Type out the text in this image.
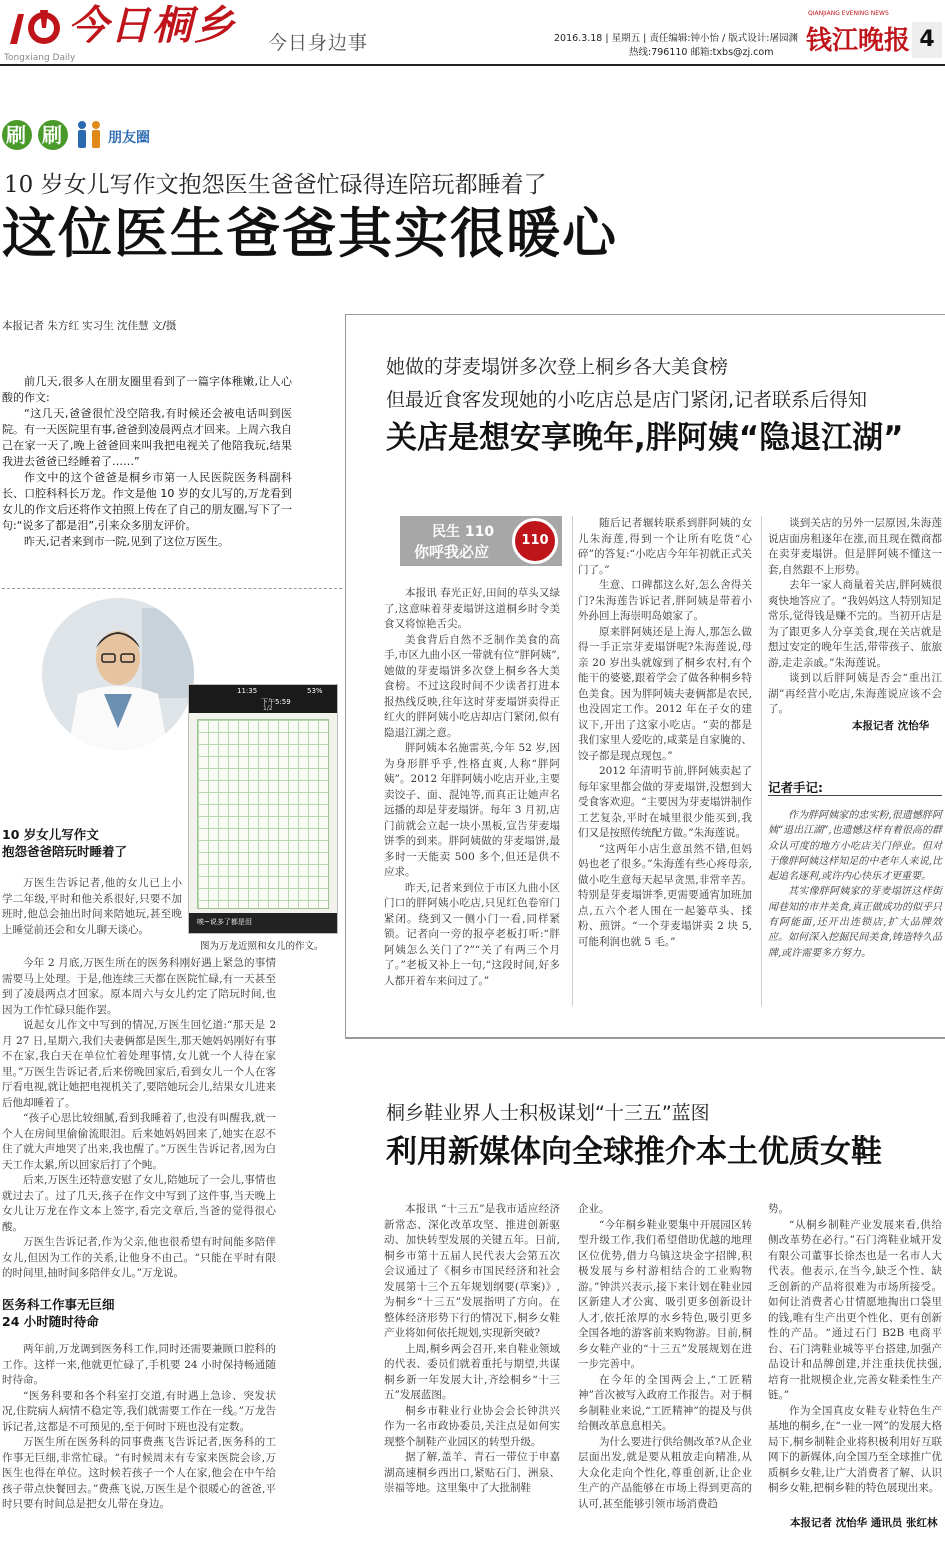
今日桐乡
Tongxiang Daily
今日身边事	2016.3.18 | 星期五 | 责任编辑:钟小怡 / 版式设计:屠园渊
热线:796110 邮箱:txbs@zj.com 钱江晚报
QIANJIANG EVENING NEWS
4
刷 刷	朋友圈
10 岁女儿写作文抱怨医生爸爸忙碌得连陪玩都睡着了
这位医生爸爸其实很暖心
本报记者 朱方红 实习生 沈佳慧 文/摄

前几天,很多人在朋友圈里看到了一篇字体稚嫩,让人心酸的作文:

“这几天,爸爸很忙没空陪我,有时候还会被电话叫到医院。有一天医院里有事,爸爸到凌晨两点才回来。上周六我自己在家一天了,晚上爸爸回来叫我把电视关了他陪我玩,结果我进去爸爸已经睡着了……”

作文中的这个爸爸是桐乡市第一人民医院医务科副科长、口腔科科长万龙。作文是他 10 岁的女儿写的,万龙看到女儿的作文后还将作文拍照上传在了自己的朋友圈,写下了一句:“说多了都是泪”,引来众多朋友评价。

昨天,记者来到市一院,见到了这位万医生。

11:35	53%
下午5:59
1/2
唉~说多了都是泪
图为万龙近照和女儿的作文。
10 岁女儿写作文
抱怨爸爸陪玩时睡着了

万医生告诉记者,他的女儿已上小学二年级,平时和他关系很好,只要不加班时,他总会抽出时间来陪她玩,甚至晚上睡觉前还会和女儿聊天谈心。

今年 2 月底,万医生所在的医务科刚好遇上紧急的事情需要马上处理。于是,他连续三天都在医院忙碌,有一天甚至到了凌晨两点才回家。原本周六与女儿约定了陪玩时间,也因为工作忙碌只能作罢。

说起女儿作文中写到的情况,万医生回忆道:“那天是 2 月 27 日,星期六,我们夫妻俩都是医生,那天她妈妈刚好有事不在家,我白天在单位忙着处理事情,女儿就一个人待在家里。”万医生告诉记者,后来傍晚回家后,看到女儿一个人在客厅看电视,就让她把电视机关了,要陪她玩会儿,结果女儿进来后他却睡着了。

“孩子心思比较细腻,看到我睡着了,也没有叫醒我,就一个人在房间里偷偷流眼泪。后来她妈妈回来了,她实在忍不住了就大声地哭了出来,我也醒了。”万医生告诉记者,因为白天工作太累,所以回家后打了个盹。

后来,万医生还特意安慰了女儿,陪她玩了一会儿,事情也就过去了。过了几天,孩子在作文中写到了这件事,当天晚上女儿让万龙在作文本上签字,看完文章后,当爸的觉得很心酸。

万医生告诉记者,作为父亲,他也很希望有时间能多陪伴女儿,但因为工作的关系,让他身不由己。“只能在平时有限的时间里,抽时间多陪伴女儿。”万龙说。

医务科工作事无巨细
24 小时随时待命

两年前,万龙调到医务科工作,同时还需要兼顾口腔科的工作。这样一来,他就更忙碌了,手机要 24 小时保持畅通随时待命。

“医务科要和各个科室打交道,有时遇上急诊、突发状况,住院病人病情不稳定等,我们就需要工作在一线。”万龙告诉记者,这都是不可预见的,至于何时下班也没有定数。

万医生所在医务科的同事费燕飞告诉记者,医务科的工作事无巨细,非常忙碌。“有时候周末有专家来医院会诊,万医生也得在单位。这时候若孩子一个人在家,他会在中午给孩子带点快餐回去。”费燕飞说,万医生是个很暖心的爸爸,平时只要有时间总是把女儿带在身边。

她做的芽麦塌饼多次登上桐乡各大美食榜
但最近食客发现她的小吃店总是店门紧闭,记者联系后得知
关店是想安享晚年,胖阿姨“隐退江湖”
民生 110
你呼我必应
110

本报讯 春光正好,田间的草头又绿了,这意味着芽麦塌饼这道桐乡时令美食又将惊艳舌尖。

美食背后自然不乏制作美食的高手,市区九曲小区一带就有位“胖阿姨”,她做的芽麦塌饼多次登上桐乡各大美食榜。不过这段时间不少读者打进本报热线反映,往年这时芽麦塌饼卖得正红火的胖阿姨小吃店却店门紧闭,似有隐退江湖之意。

胖阿姨本名施雷英,今年 52 岁,因为身形胖乎乎,性格直爽,人称“胖阿姨”。2012 年胖阿姨小吃店开业,主要卖饺子、面、混饨等,而真正让她声名远播的却是芽麦塌饼。每年 3 月初,店门前就会立起一块小黑板,宣告芽麦塌饼季的到来。胖阿姨做的芽麦塌饼,最多时一天能卖 500 多个,但还是供不应求。

昨天,记者来到位于市区九曲小区门口的胖阿姨小吃店,只见红色卷帘门紧闭。绕到又一侧小门一看,同样紧锁。记者向一旁的报亭老板打听:“胖阿姨怎么关门了?”“关了有两三个月了。”老板又补上一句,“这段时间,好多人都开着车来问过了。”

随后记者辗转联系到胖阿姨的女儿朱海莲,得到一个让所有吃货“心碎”的答复:“小吃店今年年初就正式关门了。”

生意、口碑都这么好,怎么舍得关门?朱海莲告诉记者,胖阿姨是带着小外孙回上海崇明岛娘家了。

原来胖阿姨还是上海人,那怎么做得一手正宗芽麦塌饼呢?朱海莲说,母亲 20 岁出头就嫁到了桐乡农村,有个能干的婆婆,跟着学会了做各种桐乡特色美食。因为胖阿姨夫妻俩都是农民,也没固定工作。2012 年在子女的建议下,开出了这家小吃店。“卖的都是我们家里人爱吃的,咸菜是自家腌的、饺子都是现点现包。”

2012 年清明节前,胖阿姨卖起了每年家里都会做的芽麦塌饼,没想到大受食客欢迎。“主要因为芽麦塌饼制作工艺复杂,平时在城里很少能买到,我们又是按照传统配方做。”朱海莲说。

“这两年小店生意虽然不错,但妈妈也老了很多。”朱海莲有些心疼母亲,做小吃生意每天起早贪黑,非常辛苦。特别是芽麦塌饼季,更需要通宵加班加点,五六个老人围在一起篓草头、揉粉、煎饼。“一个芽麦塌饼卖 2 块 5,可能利润也就 5 毛。”

谈到关店的另外一层原因,朱海莲说店面房租逐年在涨,而且现在微商都在卖芽麦塌饼。但是胖阿姨不懂这一套,自然跟不上形势。

去年一家人商量着关店,胖阿姨很爽快地答应了。“我妈妈这人特别知足常乐,觉得钱是赚不完的。当初开店是为了跟更多人分享美食,现在关店就是想过安定的晚年生活,带带孩子、旅旅游,走走亲戚。”朱海莲说。

谈到以后胖阿姨是否会“重出江湖”再经营小吃店,朱海莲说应该不会了。

本报记者 沈怡华
记者手记:

作为胖阿姨家的忠实粉,很遗憾胖阿姨“退出江湖”,也遗憾这样有着很高的群众认可度的地方小吃店关门停业。但对于像胖阿姨这样知足的中老年人来说,比起追名逐利,或许内心快乐才更重要。

其实像胖阿姨家的芽麦塌饼这样街闻巷知的市井美食,真正做成功的似乎只有阿能面,还开出连锁店,扩大品牌效应。如何深入挖掘民间美食,铸造特久品牌,或许需要多方努力。

桐乡鞋业界人士积极谋划“十三五”蓝图
利用新媒体向全球推介本土优质女鞋

本报讯 “十三五”是我市适应经济新常态、深化改革攻坚、推进创新驱动、加快转型发展的关键五年。日前,桐乡市第十五届人民代表大会第五次会议通过了《桐乡市国民经济和社会发展第十三个五年规划纲要(草案)》,为桐乡“十三五”发展指明了方向。在整体经济形势下行的情况下,桐乡女鞋产业将如何依托规划,实现新突破?

上周,桐乡两会召开,来自鞋业领域的代表、委员们就着重托与期望,共谋桐乡新一年发展大计,齐绘桐乡“十三五”发展蓝图。

桐乡市鞋业行业协会会长钟洪兴作为一名市政协委员,关注点是如何实现整个制鞋产业园区的转型升级。

据了解,盖羊、青石一带位于申嘉湖高速桐乡西出口,紧贴石门、洲泉、崇福等地。这里集中了大批制鞋

企业。

“今年桐乡鞋业要集中开展园区转型升级工作,我们希望借助优越的地理区位优势,借力乌镇这块金字招牌,积极发展与乡村游相结合的工业购物游。”钟洪兴表示,接下来计划在鞋业园区新建人才公寓、吸引更多创新设计人才,依托浓厚的水乡特色,吸引更多全国各地的游客前来购物游。目前,桐乡女鞋产业的“十三五”发展规划在进一步完善中。

在今年的全国两会上,“工匠精神”首次被写入政府工作报告。对于桐乡制鞋业来说,“工匠精神”的提及与供给侧改革息息相关。

为什么要进行供给侧改革?从企业层面出发,就是要从粗放走向精准,从大众化走向个性化,尊重创新,让企业生产的产品能够在市场上得到更高的认可,甚至能够引领市场消费趋

势。

“从桐乡制鞋产业发展来看,供给侧改革势在必行。”石门湾鞋业城开发有限公司董事长徐杰也是一名市人大代表。他表示,在当今,缺乏个性、缺乏创新的产品将很难为市场所接受。如何让消费者心甘情愿地掏出口袋里的钱,唯有生产出更个性化、更有创新性的产品。“通过石门 B2B 电商平台、石门湾鞋业城等平台搭建,加强产品设计和品牌创建,并注重扶优扶强,培育一批规模企业,完善女鞋柔性生产链。”

作为全国真皮女鞋专业特色生产基地的桐乡,在“一业一网”的发展大格局下,桐乡制鞋企业将积极利用好互联网下的新媒体,向全国乃至全球推广优质桐乡女鞋,让广大消费者了解、认识桐乡女鞋,把桐乡鞋的特色展现出来。

本报记者 沈怡华 通讯员 张红林
